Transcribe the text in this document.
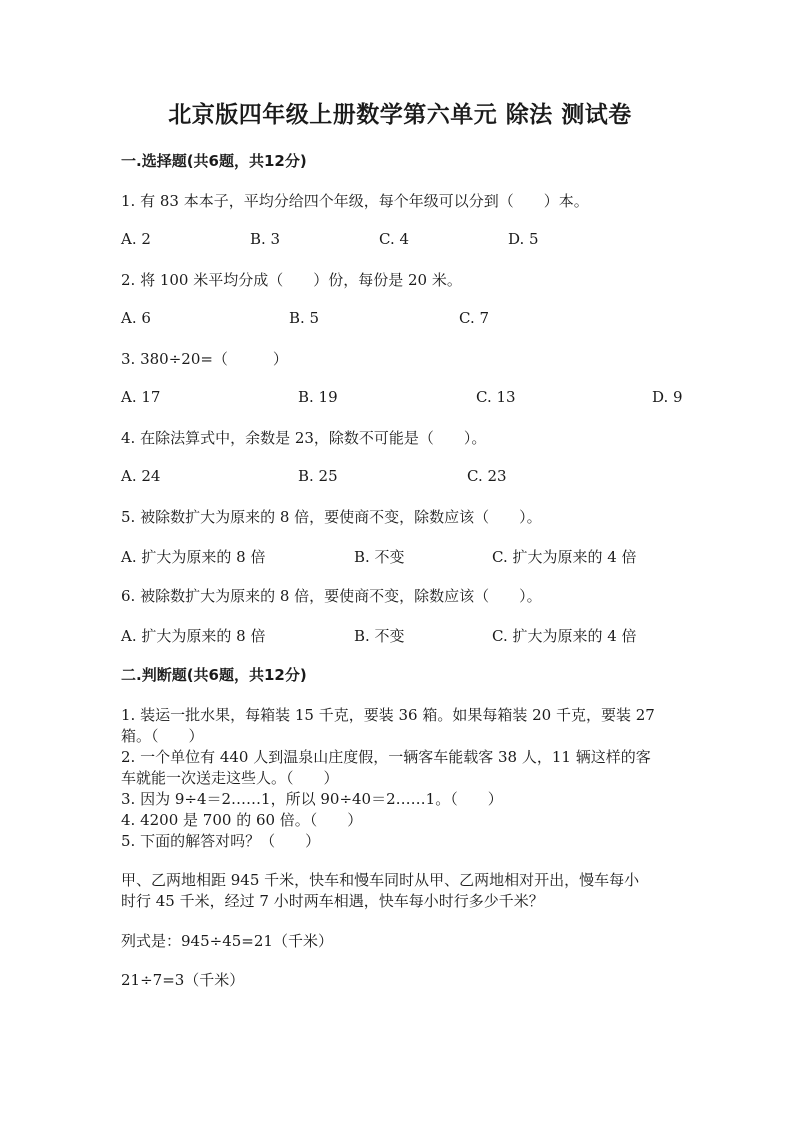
北京版四年级上册数学第六单元 除法 测试卷
一.选择题(共6题，共12分)
1. 有 83 本本子，平均分给四个年级，每个年级可以分到（　　）本。
A. 2	B. 3	C. 4	D. 5
2. 将 100 米平均分成（　　）份，每份是 20 米。
A. 6	B. 5	C. 7
3. 380÷20=（　　　）
A. 17	B. 19	C. 13	D. 9
4. 在除法算式中，余数是 23，除数不可能是（　　）。
A. 24	B. 25	C. 23
5. 被除数扩大为原来的 8 倍，要使商不变，除数应该（　　）。
A. 扩大为原来的 8 倍	B. 不变	C. 扩大为原来的 4 倍
6. 被除数扩大为原来的 8 倍，要使商不变，除数应该（　　）。
A. 扩大为原来的 8 倍	B. 不变	C. 扩大为原来的 4 倍
二.判断题(共6题，共12分)
1. 装运一批水果，每箱装 15 千克，要装 36 箱。如果每箱装 20 千克，要装 27
箱。（　　）
2. 一个单位有 440 人到温泉山庄度假，一辆客车能载客 38 人，11 辆这样的客
车就能一次送走这些人。（　　）
3. 因为 9÷4＝2……1，所以 90÷40＝2……1。（　　）
4. 4200 是 700 的 60 倍。（　　）
5. 下面的解答对吗？（　　）
甲、乙两地相距 945 千米，快车和慢车同时从甲、乙两地相对开出，慢车每小
时行 45 千米，经过 7 小时两车相遇，快车每小时行多少千米？
列式是：945÷45=21（千米）
21÷7=3（千米）
